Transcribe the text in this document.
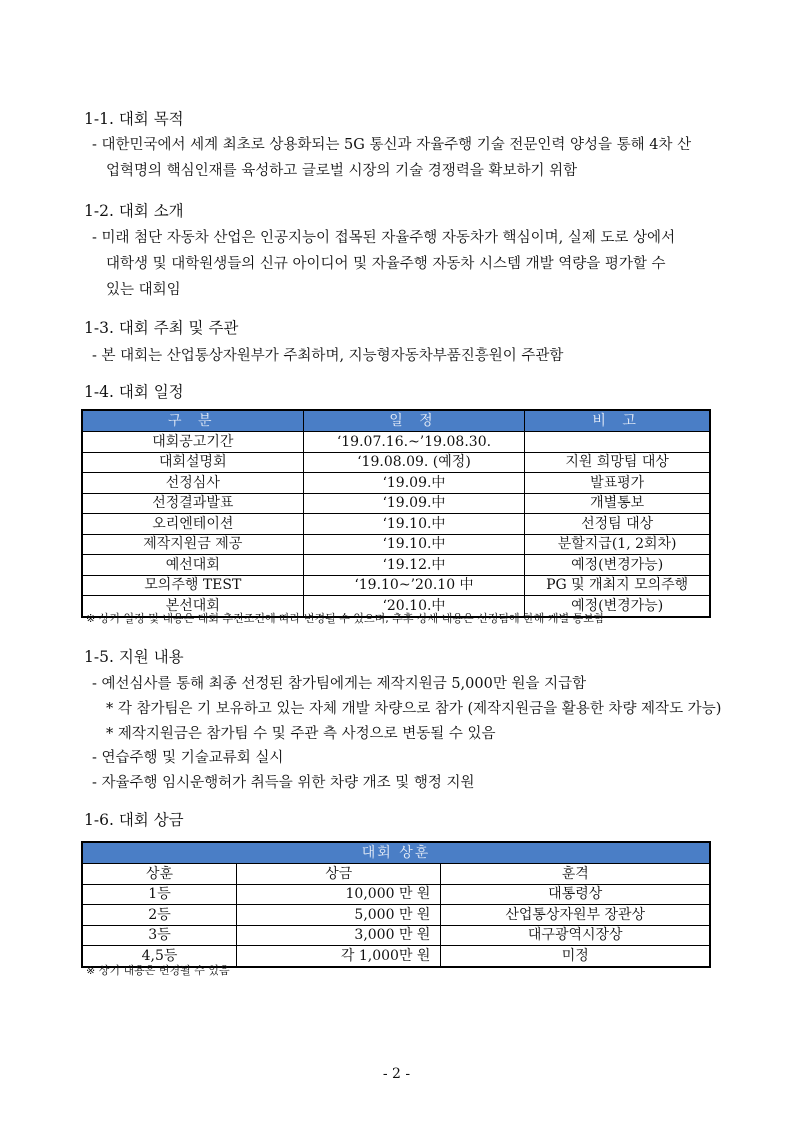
1-1. 대회 목적
- 대한민국에서 세계 최초로 상용화되는 5G 통신과 자율주행 기술 전문인력 양성을 통해 4차 산
업혁명의 핵심인재를 육성하고 글로벌 시장의 기술 경쟁력을 확보하기 위함
1-2. 대회 소개
- 미래 첨단 자동차 산업은 인공지능이 접목된 자율주행 자동차가 핵심이며, 실제 도로 상에서
대학생 및 대학원생들의 신규 아이디어 및 자율주행 자동차 시스템 개발 역량을 평가할 수
있는 대회임
1-3. 대회 주최 및 주관
- 본 대회는 산업통상자원부가 주최하며, 지능형자동차부품진흥원이 주관함
1-4. 대회 일정
구 분	일 정	비 고
대회공고기간	‘19.07.16.~’19.08.30.	
대회설명회	‘19.08.09. (예정)	지원 희망팀 대상
선정심사	‘19.09.中	발표평가
선정결과발표	‘19.09.中	개별통보
오리엔테이션	‘19.10.中	선정팀 대상
제작지원금 제공	‘19.10.中	분할지급(1, 2회차)
예선대회	‘19.12.中	예정(변경가능)
모의주행 TEST	‘19.10~’20.10 中	PG 및 개최지 모의주행
본선대회	‘20.10.中	예정(변경가능)
※ 상기 일정 및 내용은 대회 추진조건에 따라 변경될 수 있으며, 추후 상세 내용은 선정팀에 한해 개별 통보함
1-5. 지원 내용
- 예선심사를 통해 최종 선정된 참가팀에게는 제작지원금 5,000만 원을 지급함
* 각 참가팀은 기 보유하고 있는 자체 개발 차량으로 참가 (제작지원금을 활용한 차량 제작도 가능)
* 제작지원금은 참가팀 수 및 주관 측 사정으로 변동될 수 있음
- 연습주행 및 기술교류회 실시
- 자율주행 임시운행허가 취득을 위한 차량 개조 및 행정 지원
1-6. 대회 상금
대회 상훈		
상훈	상금	훈격
1등	10,000 만 원	대통령상
2등	5,000 만 원	산업통상자원부 장관상
3등	3,000 만 원	대구광역시장상
4,5등	각 1,000만 원	미정
※ 상기 내용은 변경될 수 있음
- 2 -
